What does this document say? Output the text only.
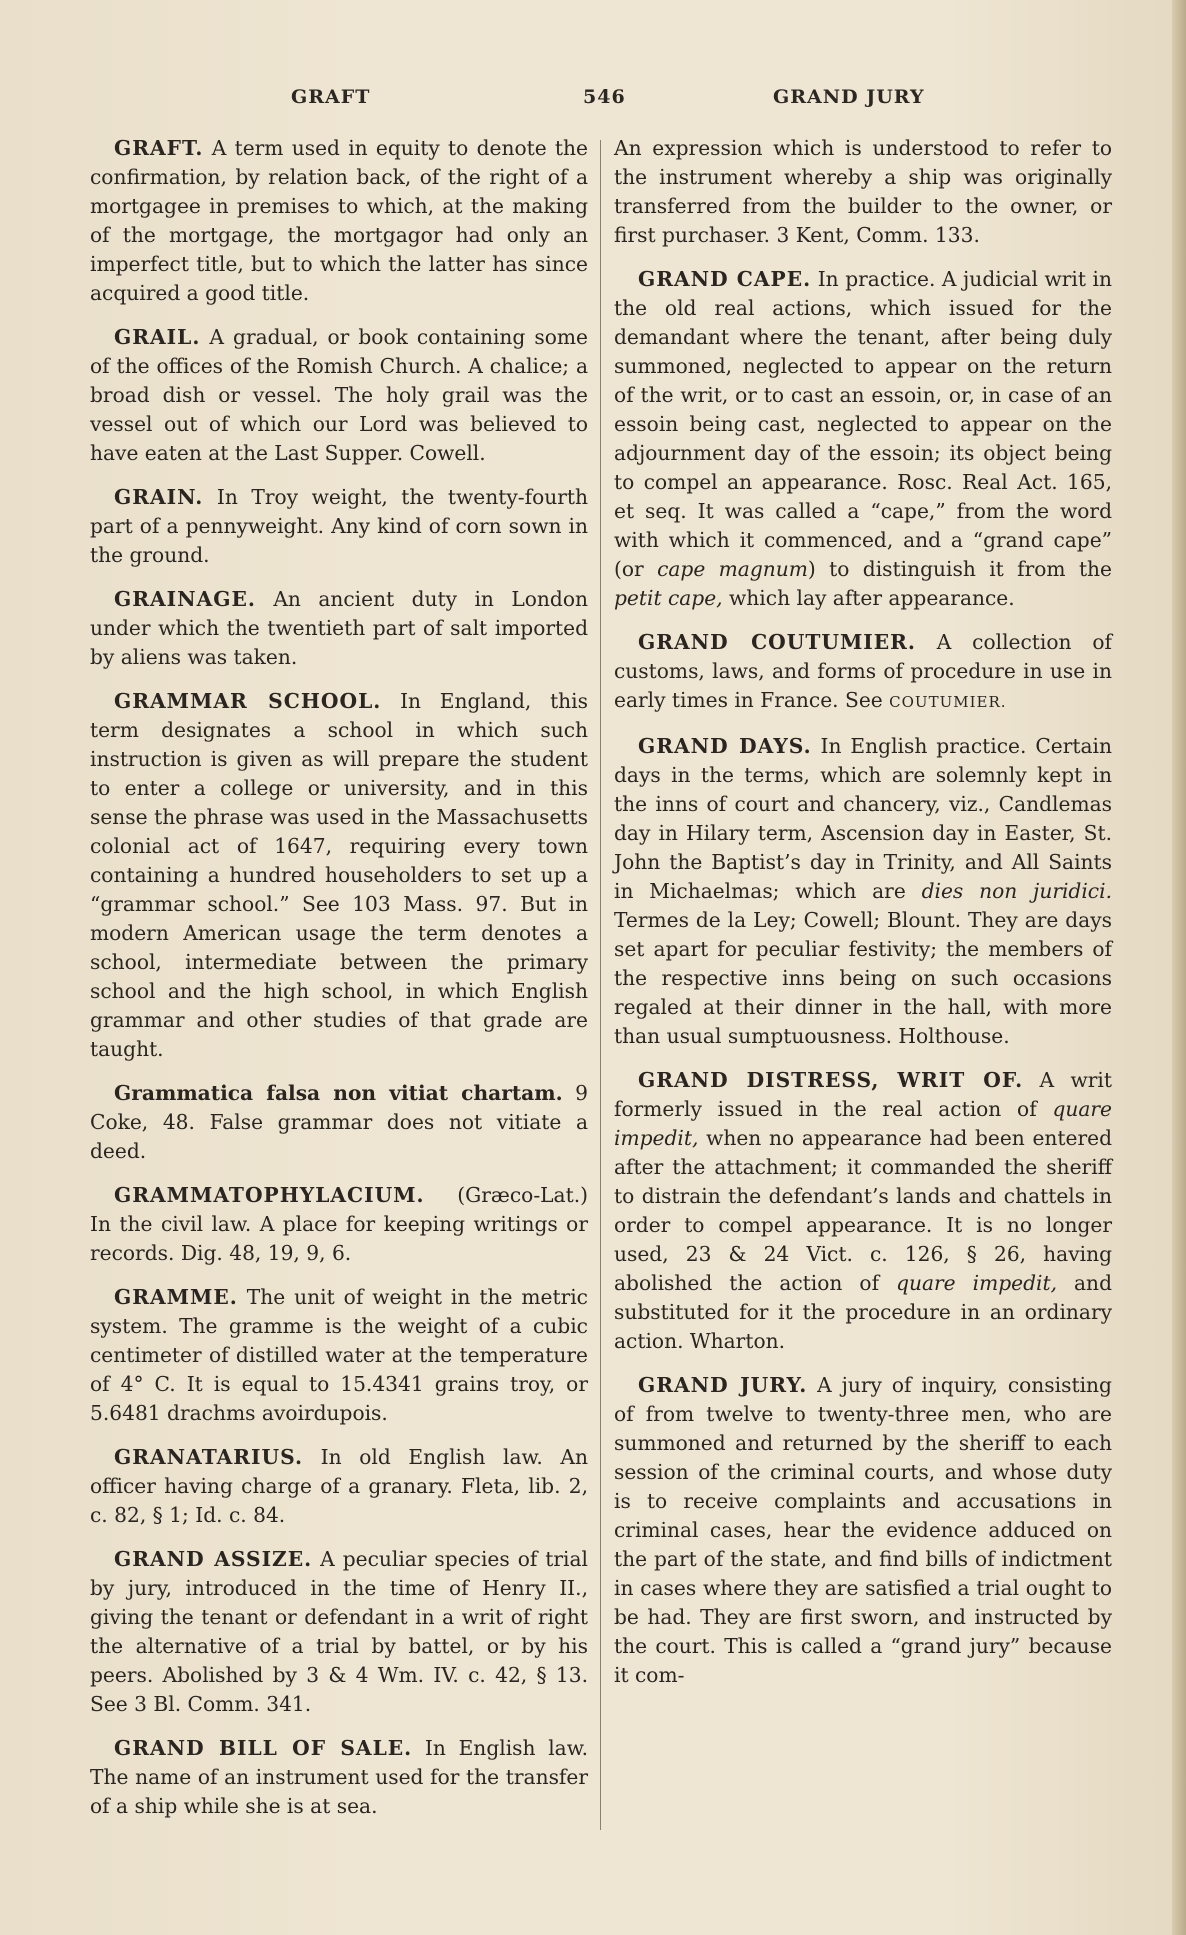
GRAFT	546	GRAND JURY

GRAFT. A term used in equity to denote the confirmation, by relation back, of the right of a mortgagee in premises to which, at the making of the mortgage, the mortgagor had only an imperfect title, but to which the latter has since acquired a good title.

GRAIL. A gradual, or book containing some of the offices of the Romish Church. A chalice; a broad dish or vessel. The holy grail was the vessel out of which our Lord was believed to have eaten at the Last Supper. Cowell.

GRAIN. In Troy weight, the twenty-fourth part of a pennyweight. Any kind of corn sown in the ground.

GRAINAGE. An ancient duty in London under which the twentieth part of salt imported by aliens was taken.

GRAMMAR SCHOOL. In England, this term designates a school in which such instruction is given as will prepare the student to enter a college or university, and in this sense the phrase was used in the Massachusetts colonial act of 1647, requiring every town containing a hundred householders to set up a “grammar school.” See 103 Mass. 97. But in modern American usage the term denotes a school, intermediate between the primary school and the high school, in which English grammar and other studies of that grade are taught.

Grammatica falsa non vitiat chartam. 9 Coke, 48. False grammar does not vitiate a deed.

GRAMMATOPHYLACIUM. (Græco-Lat.) In the civil law. A place for keeping writings or records. Dig. 48, 19, 9, 6.

GRAMME. The unit of weight in the metric system. The gramme is the weight of a cubic centimeter of distilled water at the temperature of 4° C. It is equal to 15.4341 grains troy, or 5.6481 drachms avoirdupois.

GRANATARIUS. In old English law. An officer having charge of a granary. Fleta, lib. 2, c. 82, § 1; Id. c. 84.

GRAND ASSIZE. A peculiar species of trial by jury, introduced in the time of Henry II., giving the tenant or defendant in a writ of right the alternative of a trial by battel, or by his peers. Abolished by 3 & 4 Wm. IV. c. 42, § 13. See 3 Bl. Comm. 341.

GRAND BILL OF SALE. In English law. The name of an instrument used for the transfer of a ship while she is at sea.

An expression which is understood to refer to the instrument whereby a ship was originally transferred from the builder to the owner, or first purchaser. 3 Kent, Comm. 133.

GRAND CAPE. In practice. A judicial writ in the old real actions, which issued for the demandant where the tenant, after being duly summoned, neglected to appear on the return of the writ, or to cast an essoin, or, in case of an essoin being cast, neglected to appear on the adjournment day of the essoin; its object being to compel an appearance. Rosc. Real Act. 165, et seq. It was called a “cape,” from the word with which it commenced, and a “grand cape” (or cape magnum) to distinguish it from the petit cape, which lay after appearance.

GRAND COUTUMIER. A collection of customs, laws, and forms of procedure in use in early times in France. See COUTUMIER.

GRAND DAYS. In English practice. Certain days in the terms, which are solemnly kept in the inns of court and chancery, viz., Candlemas day in Hilary term, Ascension day in Easter, St. John the Baptist’s day in Trinity, and All Saints in Michaelmas; which are dies non juridici. Termes de la Ley; Cowell; Blount. They are days set apart for peculiar festivity; the members of the respective inns being on such occasions regaled at their dinner in the hall, with more than usual sumptuousness. Holthouse.

GRAND DISTRESS, WRIT OF. A writ formerly issued in the real action of quare impedit, when no appearance had been entered after the attachment; it commanded the sheriff to distrain the defendant’s lands and chattels in order to compel appearance. It is no longer used, 23 & 24 Vict. c. 126, § 26, having abolished the action of quare impedit, and substituted for it the procedure in an ordinary action. Wharton.

GRAND JURY. A jury of inquiry, consisting of from twelve to twenty-three men, who are summoned and returned by the sheriff to each session of the criminal courts, and whose duty is to receive complaints and accusations in criminal cases, hear the evidence adduced on the part of the state, and find bills of indictment in cases where they are satisfied a trial ought to be had. They are first sworn, and instructed by the court. This is called a “grand jury” because it com-
